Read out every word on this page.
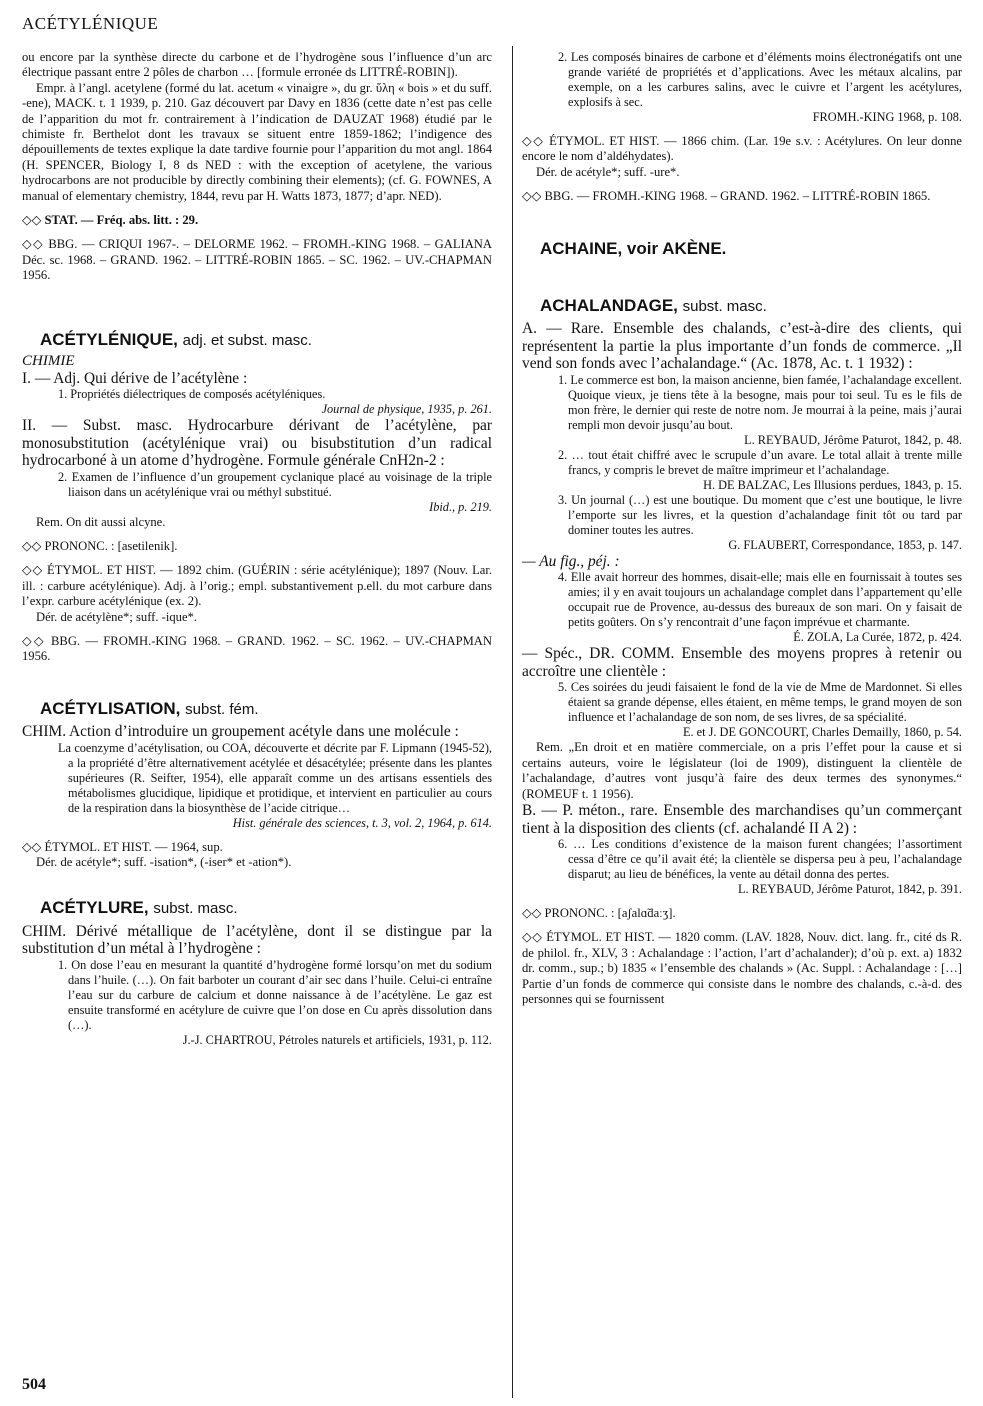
ACÉTYLÉNIQUE

ou encore par la synthèse directe du carbone et de l’hydrogène sous l’influence d’un arc électrique passant entre 2 pôles de charbon … [formule erronée ds LITTRÉ-ROBIN]).

Empr. à l’angl. acetylene (formé du lat. acetum « vinaigre », du gr. ὕλη « bois » et du suff. -ene), MACK. t. 1 1939, p. 210. Gaz découvert par Davy en 1836 (cette date n’est pas celle de l’apparition du mot fr. contrairement à l’indication de DAUZAT 1968) étudié par le chimiste fr. Berthelot dont les travaux se situent entre 1859-1862; l’indigence des dépouillements de textes explique la date tardive fournie pour l’apparition du mot angl. 1864 (H. SPENCER, Biology I, 8 ds NED : with the exception of acetylene, the various hydrocarbons are not producible by directly combining their elements); (cf. G. FOWNES, A manual of elementary chemistry, 1844, revu par H. Watts 1873, 1877; d’apr. NED).

◇◇ STAT. — Fréq. abs. litt. : 29.

◇◇ BBG. — CRIQUI 1967-. – DELORME 1962. – FROMH.-KING 1968. – GALIANA Déc. sc. 1968. – GRAND. 1962. – LITTRÉ-ROBIN 1865. – SC. 1962. – UV.-CHAPMAN 1956.

ACÉTYLÉNIQUE, adj. et subst. masc.

CHIMIE

I. — Adj. Qui dérive de l’acétylène :

1. Propriétés diélectriques de composés acétyléniques.

Journal de physique, 1935, p. 261.

II. — Subst. masc. Hydrocarbure dérivant de l’acétylène, par monosubstitution (acétylénique vrai) ou bisubstitution d’un radical hydrocarboné à un atome d’hydrogène. Formule générale CnH2n-2 :

2. Examen de l’influence d’un groupement cyclanique placé au voisinage de la triple liaison dans un acétylénique vrai ou méthyl substitué.

Ibid., p. 219.

Rem. On dit aussi alcyne.

◇◇ PRONONC. : [asetilenik].

◇◇ ÉTYMOL. ET HIST. — 1892 chim. (GUÉRIN : série acétylénique); 1897 (Nouv. Lar. ill. : carbure acétylénique). Adj. à l’orig.; empl. substantivement p.ell. du mot carbure dans l’expr. carbure acétylénique (ex. 2).

Dér. de acétylène*; suff. -ique*.

◇◇ BBG. — FROMH.-KING 1968. – GRAND. 1962. – SC. 1962. – UV.-CHAPMAN 1956.

ACÉTYLISATION, subst. fém.

CHIM. Action d’introduire un groupement acétyle dans une molécule :

La coenzyme d’acétylisation, ou COA, découverte et décrite par F. Lipmann (1945-52), a la propriété d’être alternativement acétylée et désacétylée; présente dans les plantes supérieures (R. Seifter, 1954), elle apparaît comme un des artisans essentiels des métabolismes glucidique, lipidique et protidique, et intervient en particulier au cours de la respiration dans la biosynthèse de l’acide citrique…

Hist. générale des sciences, t. 3, vol. 2, 1964, p. 614.

◇◇ ÉTYMOL. ET HIST. — 1964, sup.

Dér. de acétyle*; suff. -isation*, (-iser* et -ation*).

ACÉTYLURE, subst. masc.

CHIM. Dérivé métallique de l’acétylène, dont il se distingue par la substitution d’un métal à l’hydrogène :

1. On dose l’eau en mesurant la quantité d’hydrogène formé lorsqu’on met du sodium dans l’huile. (…). On fait barboter un courant d’air sec dans l’huile. Celui-ci entraîne l’eau sur du carbure de calcium et donne naissance à de l’acétylène. Le gaz est ensuite transformé en acétylure de cuivre que l’on dose en Cu après dissolution dans (…).

J.-J. CHARTROU, Pétroles naturels et artificiels, 1931, p. 112.

2. Les composés binaires de carbone et d’éléments moins électronégatifs ont une grande variété de propriétés et d’applications. Avec les métaux alcalins, par exemple, on a les carbures salins, avec le cuivre et l’argent les acétylures, explosifs à sec.

FROMH.-KING 1968, p. 108.

◇◇ ÉTYMOL. ET HIST. — 1866 chim. (Lar. 19e s.v. : Acétylures. On leur donne encore le nom d’aldéhydates).

Dér. de acétyle*; suff. -ure*.

◇◇ BBG. — FROMH.-KING 1968. – GRAND. 1962. – LITTRÉ-ROBIN 1865.

ACHAINE, voir AKÈNE.
ACHALANDAGE, subst. masc.

A. — Rare. Ensemble des chalands, c’est-à-dire des clients, qui représentent la partie la plus importante d’un fonds de commerce. „Il vend son fonds avec l’achalandage.“ (Ac. 1878, Ac. t. 1 1932) :

1. Le commerce est bon, la maison ancienne, bien famée, l’achalandage excellent. Quoique vieux, je tiens tête à la besogne, mais pour toi seul. Tu es le fils de mon frère, le dernier qui reste de notre nom. Je mourrai à la peine, mais j’aurai rempli mon devoir jusqu’au bout.

L. REYBAUD, Jérôme Paturot, 1842, p. 48.

2. … tout était chiffré avec le scrupule d’un avare. Le total allait à trente mille francs, y compris le brevet de maître imprimeur et l’achalandage.

H. DE BALZAC, Les Illusions perdues, 1843, p. 15.

3. Un journal (…) est une boutique. Du moment que c’est une boutique, le livre l’emporte sur les livres, et la question d’achalandage finit tôt ou tard par dominer toutes les autres.

G. FLAUBERT, Correspondance, 1853, p. 147.

— Au fig., péj. :

4. Elle avait horreur des hommes, disait-elle; mais elle en fournissait à toutes ses amies; il y en avait toujours un achalandage complet dans l’appartement qu’elle occupait rue de Provence, au-dessus des bureaux de son mari. On y faisait de petits goûters. On s’y rencontrait d’une façon imprévue et charmante.

É. ZOLA, La Curée, 1872, p. 424.

— Spéc., DR. COMM. Ensemble des moyens propres à retenir ou accroître une clientèle :

5. Ces soirées du jeudi faisaient le fond de la vie de Mme de Mardonnet. Si elles étaient sa grande dépense, elles étaient, en même temps, le grand moyen de son influence et l’achalandage de son nom, de ses livres, de sa spécialité.

E. et J. DE GONCOURT, Charles Demailly, 1860, p. 54.

Rem. „En droit et en matière commerciale, on a pris l’effet pour la cause et si certains auteurs, voire le législateur (loi de 1909), distinguent la clientèle de l’achalandage, d’autres vont jusqu’à faire des deux termes des synonymes.“ (ROMEUF t. 1 1956).

B. — P. méton., rare. Ensemble des marchandises qu’un commerçant tient à la disposition des clients (cf. achalandé II A 2) :

6. … Les conditions d’existence de la maison furent changées; l’assortiment cessa d’être ce qu’il avait été; la clientèle se dispersa peu à peu, l’achalandage disparut; au lieu de bénéfices, la vente au détail donna des pertes.

L. REYBAUD, Jérôme Paturot, 1842, p. 391.

◇◇ PRONONC. : [aʃalɑ̃daːʒ].

◇◇ ÉTYMOL. ET HIST. — 1820 comm. (LAV. 1828, Nouv. dict. lang. fr., cité ds R. de philol. fr., XLV, 3 : Achalandage : l’action, l’art d’achalander); d’où p. ext. a) 1832 dr. comm., sup.; b) 1835 « l’ensemble des chalands » (Ac. Suppl. : Achalandage : […] Partie d’un fonds de commerce qui consiste dans le nombre des chalands, c.-à-d. des personnes qui se fournissent

504
